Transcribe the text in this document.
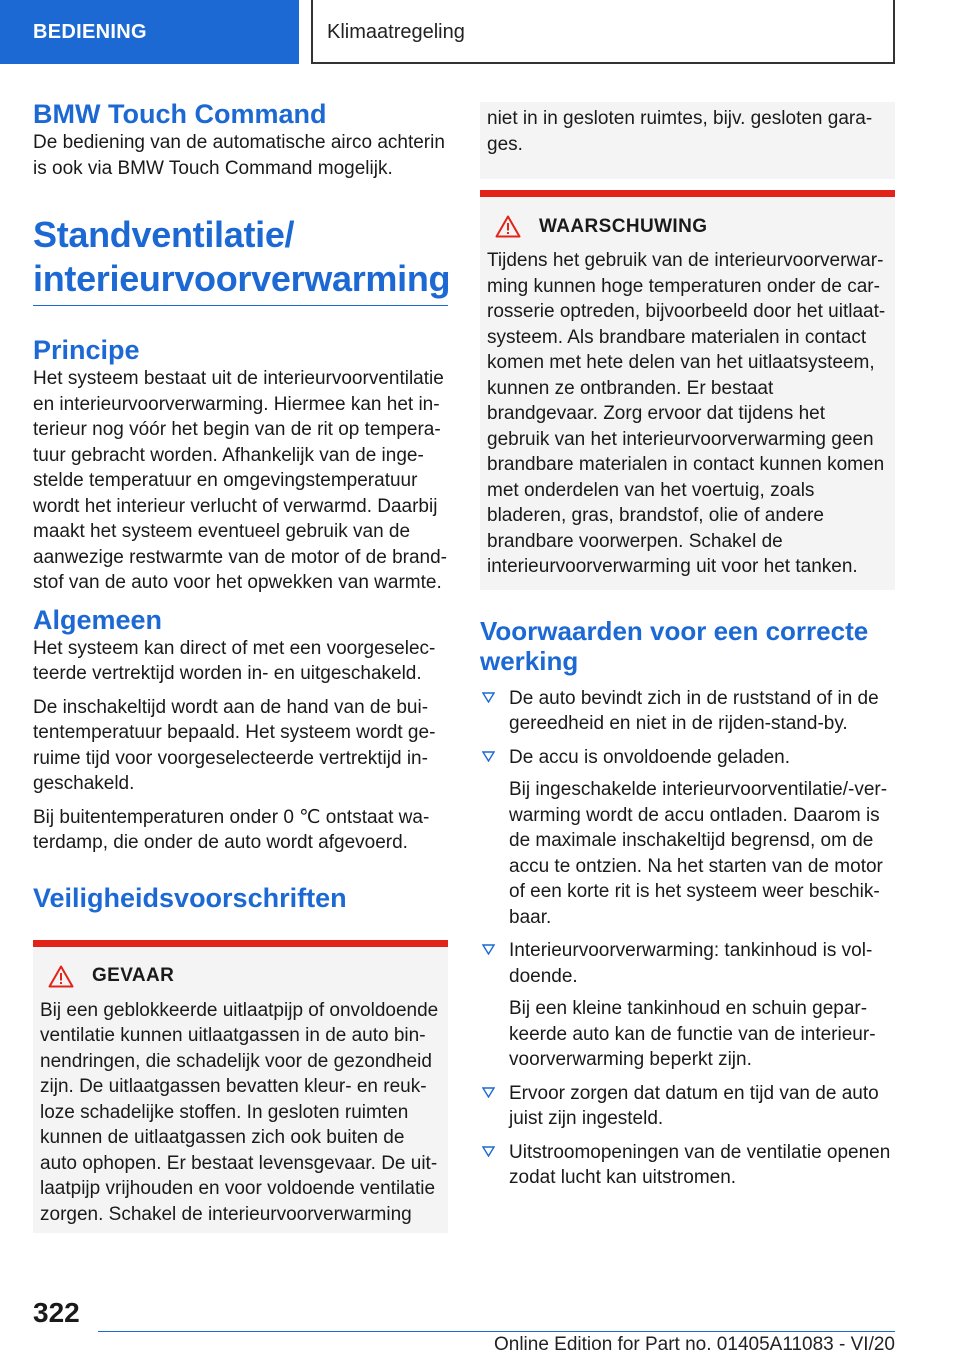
BEDIENING	Klimaatregeling
BMW Touch Command

De bediening van de automatische airco achterin is ook via BMW Touch Command mogelijk.

Standventilatie/
interieurvoorverwarming
Principe

Het systeem bestaat uit de interieurvoorventilatie en interieurvoorverwarming. Hiermee kan het interieur nog vóór het begin van de rit op temperatuur gebracht worden. Afhankelijk van de ingestelde temperatuur en omgevingstemperatuur wordt het interieur verlucht of verwarmd. Daarbij maakt het systeem eventueel gebruik van de aanwezige restwarmte van de motor of de brandstof van de auto voor het opwekken van warmte.

Algemeen

Het systeem kan direct of met een voorgeselecteerde vertrektijd worden in- en uitgeschakeld.

De inschakeltijd wordt aan de hand van de buitentemperatuur bepaald. Het systeem wordt geruime tijd voor voorgeselecteerde vertrektijd ingeschakeld.

Bij buitentemperaturen onder 0 ℃ ontstaat waterdamp, die onder de auto wordt afgevoerd.

Veiligheidsvoorschriften
GEVAAR

Bij een geblokkeerde uitlaatpijp of onvoldoende ventilatie kunnen uitlaatgassen in de auto binnendringen, die schadelijk voor de gezondheid zijn. De uitlaatgassen bevatten kleur- en reukloze schadelijke stoffen. In gesloten ruimten kunnen de uitlaatgassen zich ook buiten de auto ophopen. Er bestaat levensgevaar. De uitlaatpijp vrijhouden en voor voldoende ventilatie zorgen. Schakel de interieurvoorverwarming

niet in in gesloten ruimtes, bijv. gesloten garages.

WAARSCHUWING

Tijdens het gebruik van de interieurvoorverwarming kunnen hoge temperaturen onder de carrosserie optreden, bijvoorbeeld door het uitlaatsysteem. Als brandbare materialen in contact komen met hete delen van het uitlaatsysteem, kunnen ze ontbranden. Er bestaat brandgevaar. Zorg ervoor dat tijdens het gebruik van het interieurvoorverwarming geen brandbare materialen in contact kunnen komen met onderdelen van het voertuig, zoals bladeren, gras, brandstof, olie of andere brandbare voorwerpen. Schakel de interieurvoorverwarming uit voor het tanken.

Voorwaarden voor een correcte werking

De auto bevindt zich in de ruststand of in de gereedheid en niet in de rijden-stand-by.

De accu is onvoldoende geladen.

Bij ingeschakelde interieurvoorventilatie/-verwarming wordt de accu ontladen. Daarom is de maximale inschakeltijd begrensd, om de accu te ontzien. Na het starten van de motor of een korte rit is het systeem weer beschikbaar.

Interieurvoorverwarming: tankinhoud is voldoende.

Bij een kleine tankinhoud en schuin geparkeerde auto kan de functie van de interieurvoorverwarming beperkt zijn.

Ervoor zorgen dat datum en tijd van de auto juist zijn ingesteld.

Uitstroomopeningen van de ventilatie openen zodat lucht kan uitstromen.

322
Online Edition for Part no. 01405A11083 - VI/20
